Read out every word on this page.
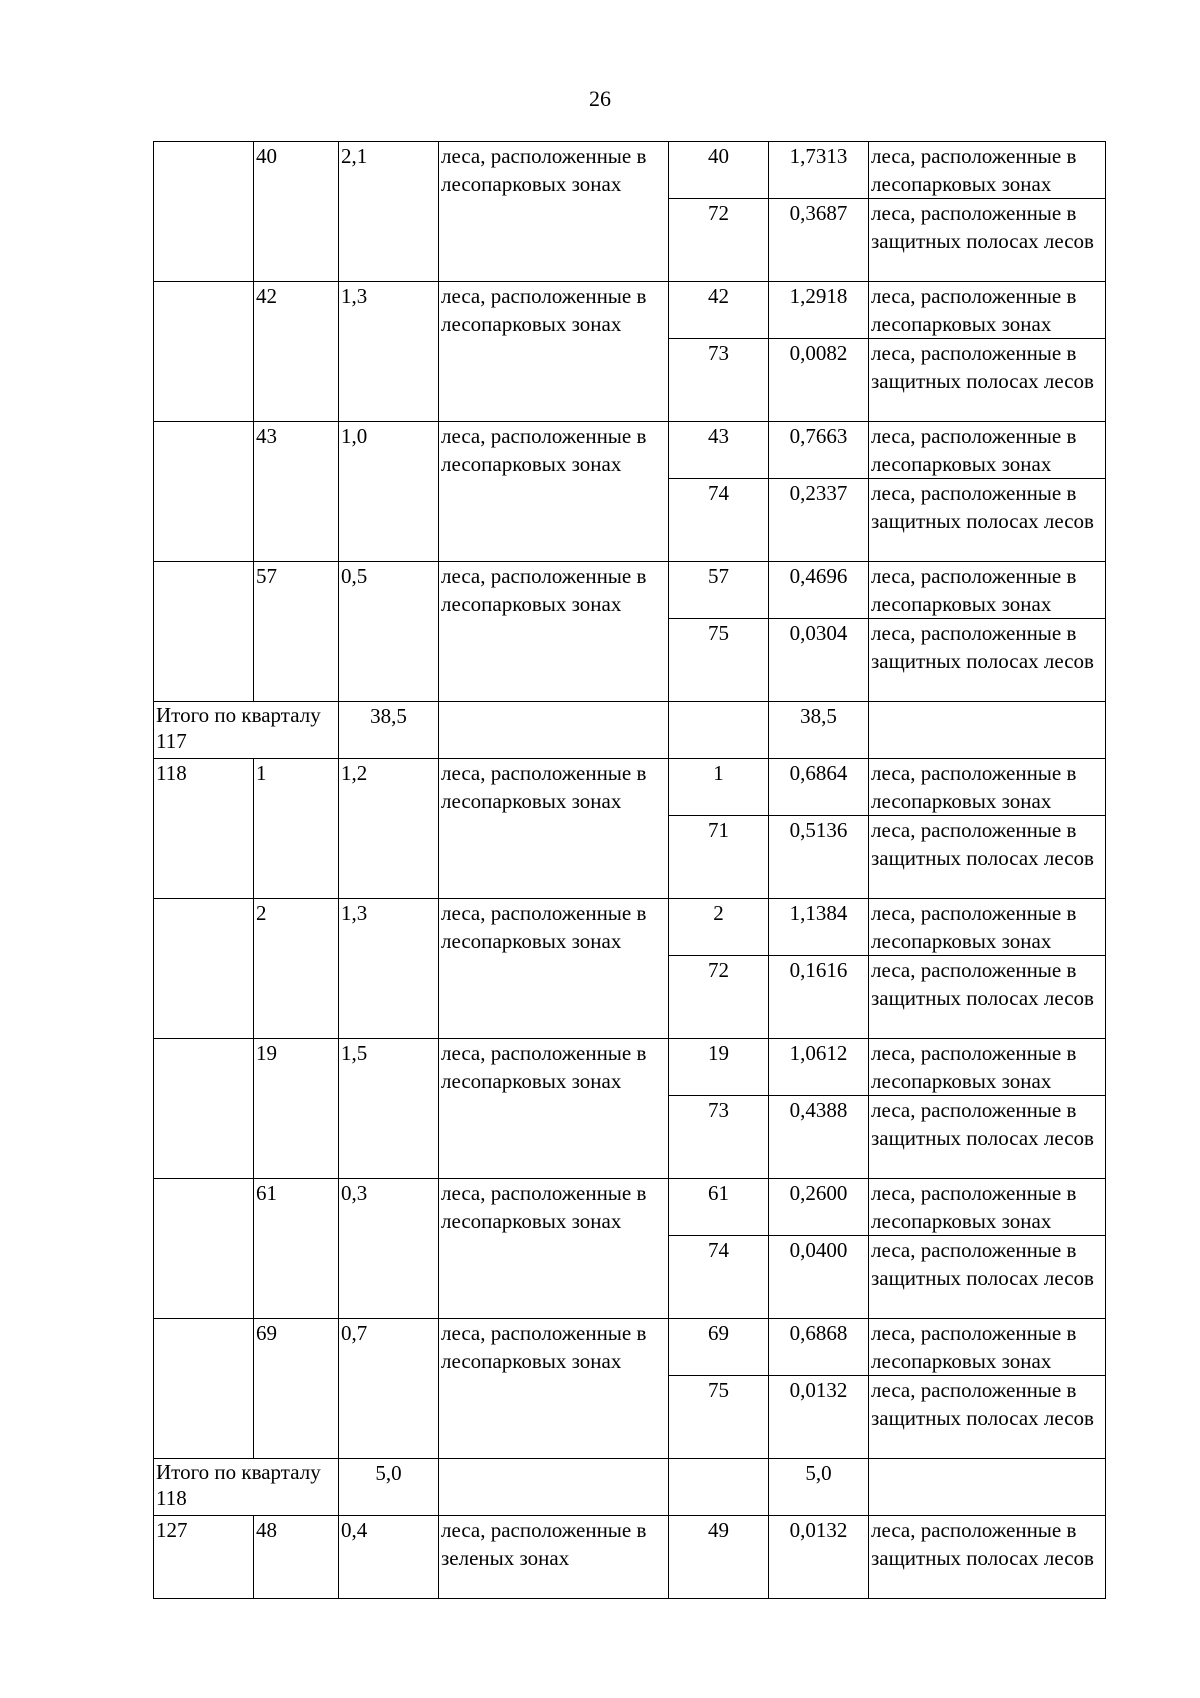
26
	40	2,1	леса, расположенные в лесопарковых зонах	40	1,7313	леса, расположенные в лесопарковых зонах
				72	0,3687	леса, расположенные в защитных полосах лесов
	42	1,3	леса, расположенные в лесопарковых зонах	42	1,2918	леса, расположенные в лесопарковых зонах
				73	0,0082	леса, расположенные в защитных полосах лесов
	43	1,0	леса, расположенные в лесопарковых зонах	43	0,7663	леса, расположенные в лесопарковых зонах
				74	0,2337	леса, расположенные в защитных полосах лесов
	57	0,5	леса, расположенные в лесопарковых зонах	57	0,4696	леса, расположенные в лесопарковых зонах
				75	0,0304	леса, расположенные в защитных полосах лесов
Итого по кварталу 117		38,5			38,5	
118	1	1,2	леса, расположенные в лесопарковых зонах	1	0,6864	леса, расположенные в лесопарковых зонах
				71	0,5136	леса, расположенные в защитных полосах лесов
	2	1,3	леса, расположенные в лесопарковых зонах	2	1,1384	леса, расположенные в лесопарковых зонах
				72	0,1616	леса, расположенные в защитных полосах лесов
	19	1,5	леса, расположенные в лесопарковых зонах	19	1,0612	леса, расположенные в лесопарковых зонах
				73	0,4388	леса, расположенные в защитных полосах лесов
	61	0,3	леса, расположенные в лесопарковых зонах	61	0,2600	леса, расположенные в лесопарковых зонах
				74	0,0400	леса, расположенные в защитных полосах лесов
	69	0,7	леса, расположенные в лесопарковых зонах	69	0,6868	леса, расположенные в лесопарковых зонах
				75	0,0132	леса, расположенные в защитных полосах лесов
Итого по кварталу 118		5,0			5,0	
127	48	0,4	леса, расположенные в зеленых зонах	49	0,0132	леса, расположенные в защитных полосах лесов
